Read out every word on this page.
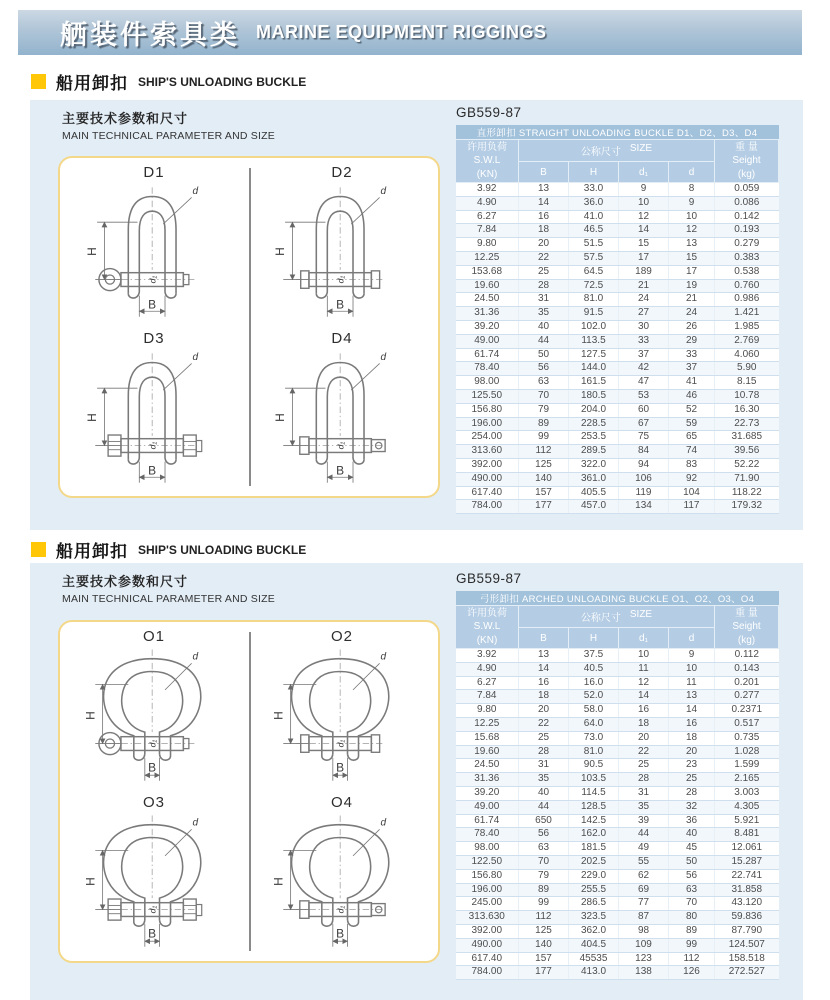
舾装件索具类 MARINE EQUIPMENT RIGGINGS
船用卸扣 SHIP'S UNLOADING BUCKLE
主要技术参数和尺寸
MAIN TECHNICAL PARAMETER AND SIZE
D1
d
H
B
d₁
D2
d
H
B
d₁
D3
d
H
B
d₁
D4
d
H
B
d₁
GB559-87
直形卸扣 STRAIGHT UNLOADING BUCKLE D1、D2、D3、D4					

许用负荷
S.W.L
(KN)

公称尺寸 SIZE	重 量
Seight
(kg)

	B	H	d₁	d	
3.92	13	33.0	9	8	0.059
4.90	14	36.0	10	9	0.086
6.27	16	41.0	12	10	0.142
7.84	18	46.5	14	12	0.193
9.80	20	51.5	15	13	0.279
12.25	22	57.5	17	15	0.383
153.68	25	64.5	189	17	0.538
19.60	28	72.5	21	19	0.760
24.50	31	81.0	24	21	0.986
31.36	35	91.5	27	24	1.421
39.20	40	102.0	30	26	1.985
49.00	44	113.5	33	29	2.769
61.74	50	127.5	37	33	4.060
78.40	56	144.0	42	37	5.90
98.00	63	161.5	47	41	8.15
125.50	70	180.5	53	46	10.78
156.80	79	204.0	60	52	16.30
196.00	89	228.5	67	59	22.73
254.00	99	253.5	75	65	31.685
313.60	112	289.5	84	74	39.56
392.00	125	322.0	94	83	52.22
490.00	140	361.0	106	92	71.90
617.40	157	405.5	119	104	118.22
784.00	177	457.0	134	117	179.32
船用卸扣 SHIP'S UNLOADING BUCKLE
主要技术参数和尺寸
MAIN TECHNICAL PARAMETER AND SIZE
O1
d
H
B
d₁
O2
d
H
B
d₁
O3
d
H
B
d₁
O4
d
H
B
d₁
GB559-87
弓形卸扣 ARCHED UNLOADING BUCKLE O1、O2、O3、O4					

许用负荷
S.W.L
(KN)

公称尺寸 SIZE	重 量
Seight
(kg)

	B	H	d₁	d	
3.92	13	37.5	10	9	0.112
4.90	14	40.5	11	10	0.143
6.27	16	16.0	12	11	0.201
7.84	18	52.0	14	13	0.277
9.80	20	58.0	16	14	0.2371
12.25	22	64.0	18	16	0.517
15.68	25	73.0	20	18	0.735
19.60	28	81.0	22	20	1.028
24.50	31	90.5	25	23	1.599
31.36	35	103.5	28	25	2.165
39.20	40	114.5	31	28	3.003
49.00	44	128.5	35	32	4.305
61.74	650	142.5	39	36	5.921
78.40	56	162.0	44	40	8.481
98.00	63	181.5	49	45	12.061
122.50	70	202.5	55	50	15.287
156.80	79	229.0	62	56	22.741
196.00	89	255.5	69	63	31.858
245.00	99	286.5	77	70	43.120
313.630	112	323.5	87	80	59.836
392.00	125	362.0	98	89	87.790
490.00	140	404.5	109	99	124.507
617.40	157	45535	123	112	158.518
784.00	177	413.0	138	126	272.527
